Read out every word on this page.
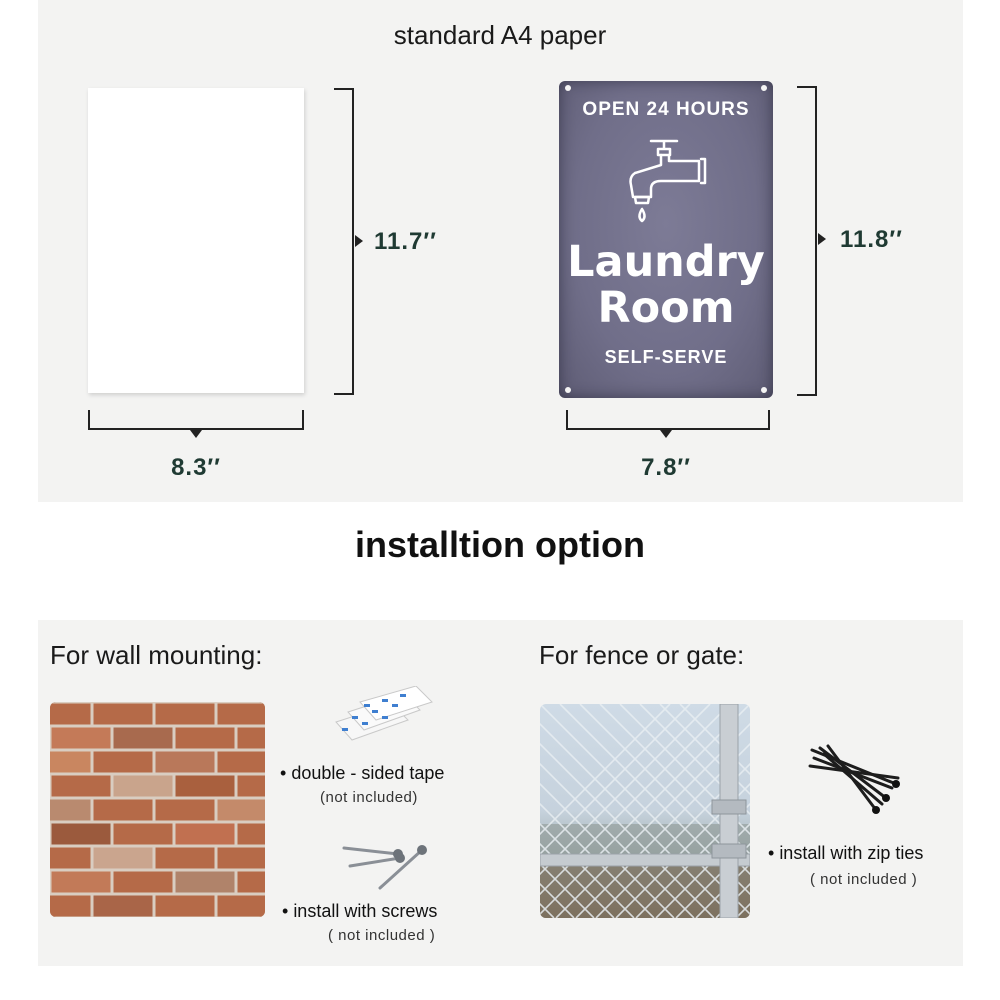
standard A4 paper
11.7′′
8.3′′
OPEN 24 HOURS
Laundry
Room
SELF-SERVE
11.8′′
7.8′′
installtion option
For wall mounting:	For fence or gate:
• double - sided tape
(not included)
• install with screws
( not included )
• install with zip ties
( not included )
